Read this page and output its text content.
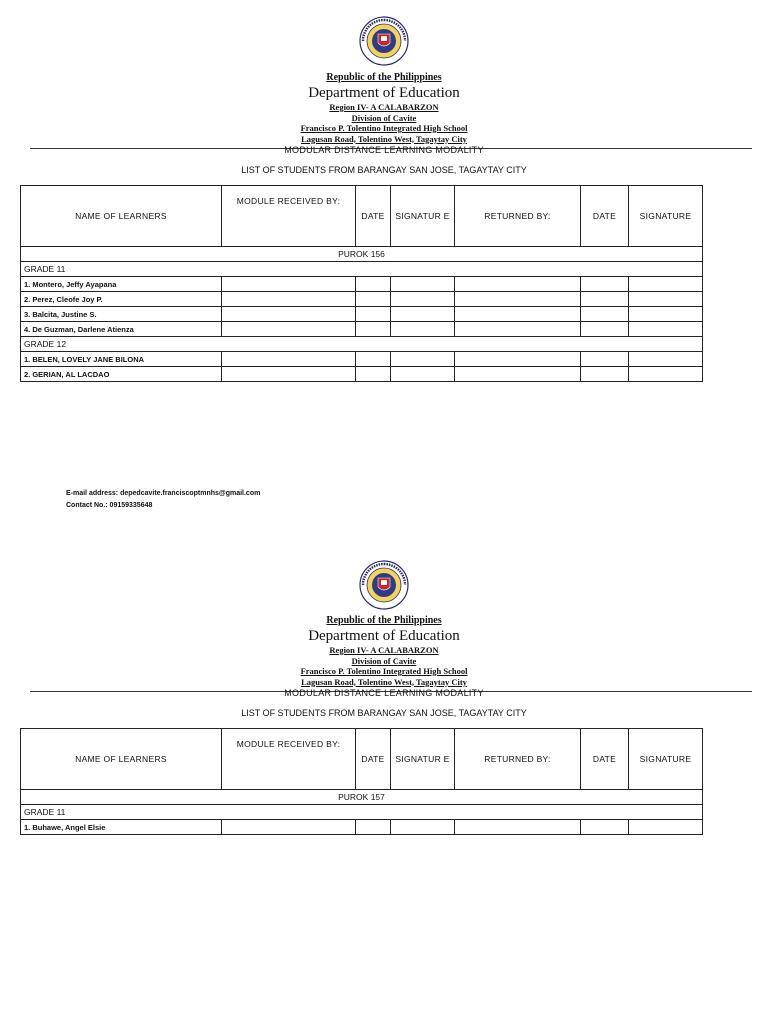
Republic of the Philippines
Department of Education
Region IV- A CALABARZON
Division of Cavite
Francisco P. Tolentino Integrated High School
Lagusan Road, Tolentino West, Tagaytay City
MODULAR DISTANCE LEARNING MODALITY
LIST OF STUDENTS FROM BARANGAY SAN JOSE, TAGAYTAY CITY
NAME OF LEARNERS	MODULE RECEIVED BY:	DATE	SIGNATUR E	RETURNED BY:	DATE	SIGNATURE
PUROK 156						
GRADE 11						
1. Montero, Jeffy Ayapana						
2. Perez, Cleofe Joy P.						
3. Balcita, Justine S.						
4. De Guzman, Darlene Atienza						
GRADE 12						
1. BELEN, LOVELY JANE BILONA						
2. GERIAN, AL LACDAO						
E-mail address: depedcavite.franciscoptmnhs@gmail.com
Contact No.: 09159335648
Republic of the Philippines
Department of Education
Region IV- A CALABARZON
Division of Cavite
Francisco P. Tolentino Integrated High School
Lagusan Road, Tolentino West, Tagaytay City
MODULAR DISTANCE LEARNING MODALITY
LIST OF STUDENTS FROM BARANGAY SAN JOSE, TAGAYTAY CITY
NAME OF LEARNERS	MODULE RECEIVED BY:	DATE	SIGNATUR E	RETURNED BY:	DATE	SIGNATURE
PUROK 157						
GRADE 11						
1. Buhawe, Angel Elsie						
